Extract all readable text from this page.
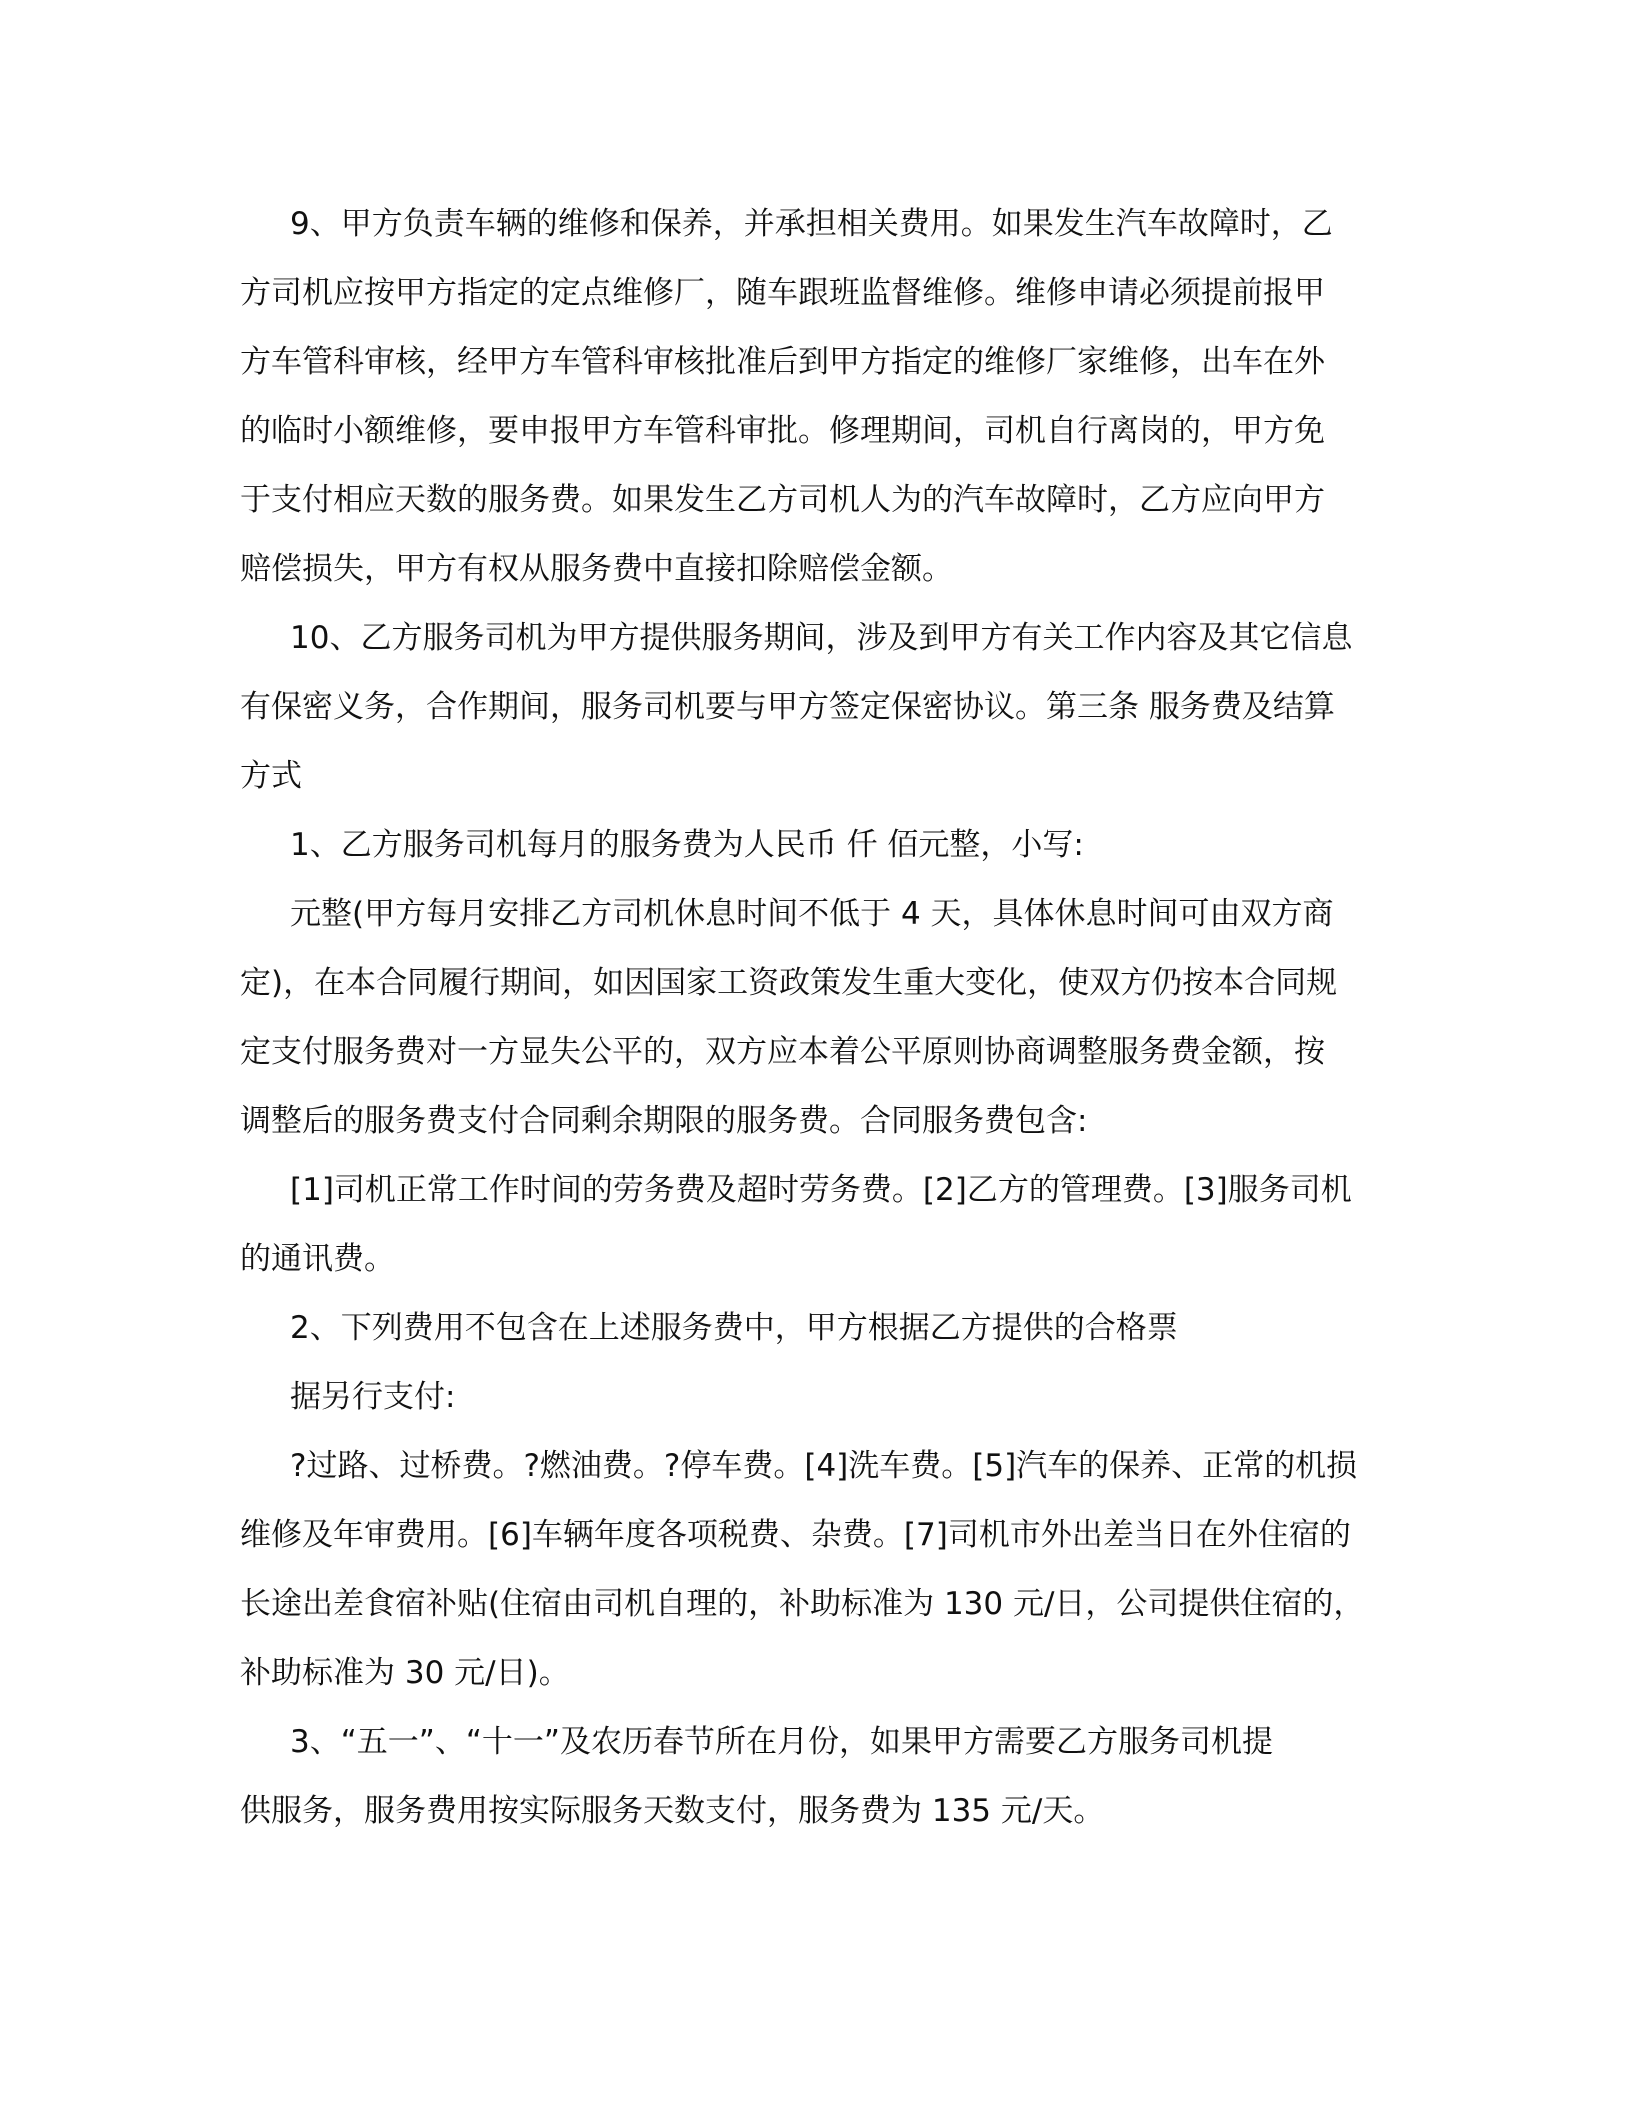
9、甲方负责车辆的维修和保养，并承担相关费用。如果发生汽车故障时，乙

方司机应按甲方指定的定点维修厂，随车跟班监督维修。维修申请必须提前报甲

方车管科审核，经甲方车管科审核批准后到甲方指定的维修厂家维修，出车在外

的临时小额维修，要申报甲方车管科审批。修理期间，司机自行离岗的，甲方免

于支付相应天数的服务费。如果发生乙方司机人为的汽车故障时，乙方应向甲方

赔偿损失，甲方有权从服务费中直接扣除赔偿金额。

10、乙方服务司机为甲方提供服务期间，涉及到甲方有关工作内容及其它信息

有保密义务，合作期间，服务司机要与甲方签定保密协议。第三条 服务费及结算

方式

1、乙方服务司机每月的服务费为人民币 仟 佰元整，小写:

元整(甲方每月安排乙方司机休息时间不低于 4 天，具体休息时间可由双方商

定)，在本合同履行期间，如因国家工资政策发生重大变化，使双方仍按本合同规

定支付服务费对一方显失公平的，双方应本着公平原则协商调整服务费金额，按

调整后的服务费支付合同剩余期限的服务费。合同服务费包含:

[1]司机正常工作时间的劳务费及超时劳务费。[2]乙方的管理费。[3]服务司机

的通讯费。

2、下列费用不包含在上述服务费中，甲方根据乙方提供的合格票

据另行支付:

?过路、过桥费。?燃油费。?停车费。[4]洗车费。[5]汽车的保养、正常的机损

维修及年审费用。[6]车辆年度各项税费、杂费。[7]司机市外出差当日在外住宿的

长途出差食宿补贴(住宿由司机自理的，补助标准为 130 元/日，公司提供住宿的，

补助标准为 30 元/日)。

3、“五一”、“十一”及农历春节所在月份，如果甲方需要乙方服务司机提

供服务，服务费用按实际服务天数支付，服务费为 135 元/天。
